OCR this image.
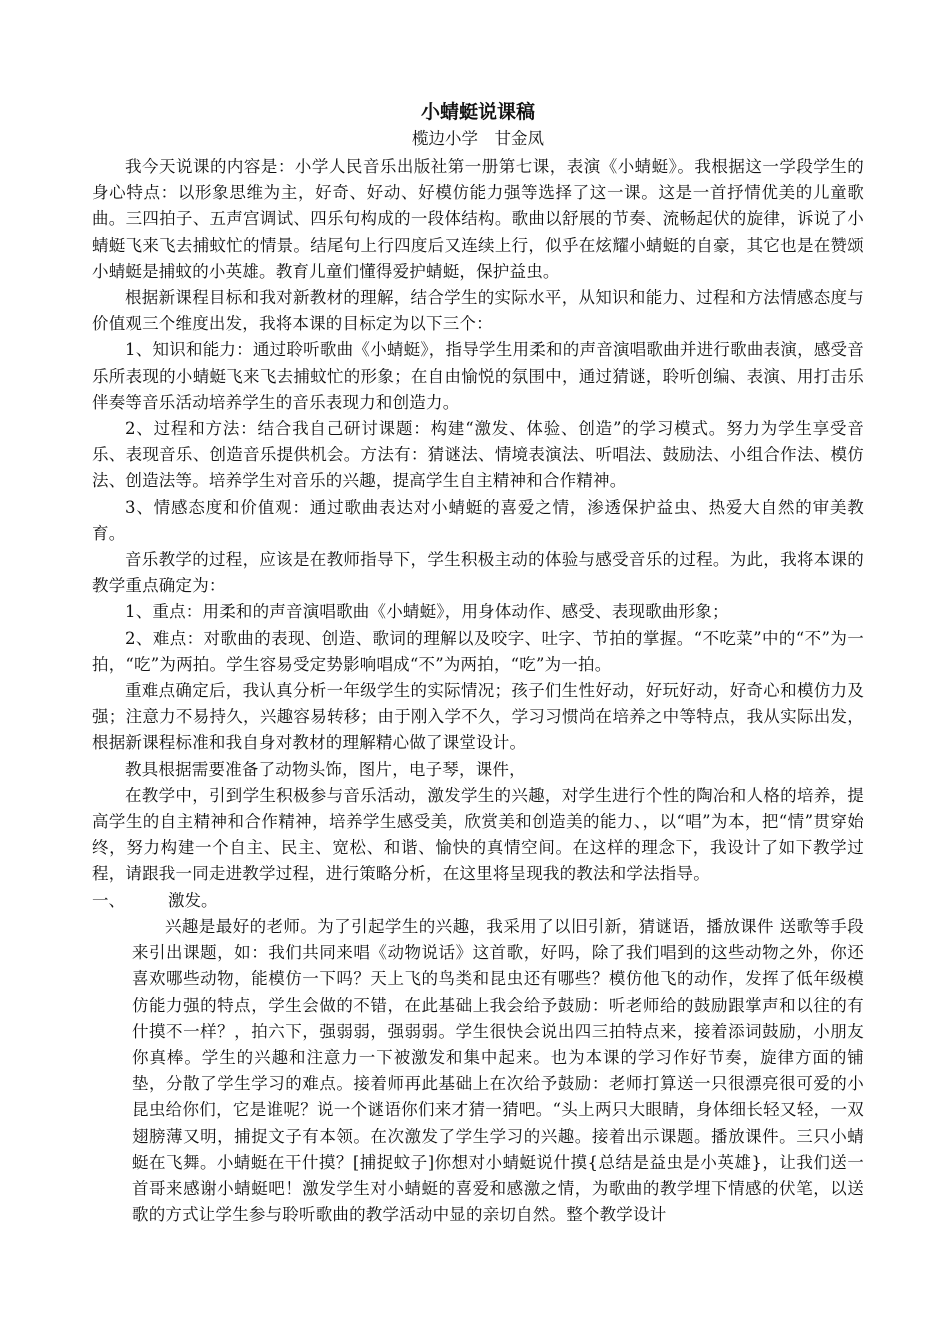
小蜻蜓说课稿

榄边小学　甘金凤

我今天说课的内容是：小学人民音乐出版社第一册第七课，表演《小蜻蜓》。我根据这一学段学生的身心特点：以形象思维为主，好奇、好动、好模仿能力强等选择了这一课。这是一首抒情优美的儿童歌曲。三四拍子、五声宫调试、四乐句构成的一段体结构。歌曲以舒展的节奏、流畅起伏的旋律，诉说了小蜻蜓飞来飞去捕蚊忙的情景。结尾句上行四度后又连续上行，似乎在炫耀小蜻蜓的自豪，其它也是在赞颂小蜻蜓是捕蚊的小英雄。教育儿童们懂得爱护蜻蜓，保护益虫。

根据新课程目标和我对新教材的理解，结合学生的实际水平，从知识和能力、过程和方法情感态度与价值观三个维度出发，我将本课的目标定为以下三个：

1、知识和能力：通过聆听歌曲《小蜻蜓》，指导学生用柔和的声音演唱歌曲并进行歌曲表演，感受音乐所表现的小蜻蜓飞来飞去捕蚊忙的形象；在自由愉悦的氛围中，通过猜谜，聆听创编、表演、用打击乐伴奏等音乐活动培养学生的音乐表现力和创造力。

2、过程和方法：结合我自己研讨课题：构建“激发、体验、创造”的学习模式。努力为学生享受音乐、表现音乐、创造音乐提供机会。方法有：猜谜法、情境表演法、听唱法、鼓励法、小组合作法、模仿法、创造法等。培养学生对音乐的兴趣，提高学生自主精神和合作精神。

3、情感态度和价值观：通过歌曲表达对小蜻蜓的喜爱之情，渗透保护益虫、热爱大自然的审美教育。

音乐教学的过程，应该是在教师指导下，学生积极主动的体验与感受音乐的过程。为此，我将本课的教学重点确定为：

1、重点：用柔和的声音演唱歌曲《小蜻蜓》，用身体动作、感受、表现歌曲形象；

2、难点：对歌曲的表现、创造、歌词的理解以及咬字、吐字、节拍的掌握。“不吃菜”中的“不”为一拍，“吃”为两拍。学生容易受定势影响唱成“不”为两拍，“吃”为一拍。

重难点确定后，我认真分析一年级学生的实际情况；孩子们生性好动，好玩好动，好奇心和模仿力及强；注意力不易持久，兴趣容易转移；由于刚入学不久，学习习惯尚在培养之中等特点，我从实际出发，根据新课程标准和我自身对教材的理解精心做了课堂设计。

教具根据需要准备了动物头饰，图片，电子琴，课件，

在教学中，引到学生积极参与音乐活动，激发学生的兴趣，对学生进行个性的陶冶和人格的培养，提高学生的自主精神和合作精神，培养学生感受美，欣赏美和创造美的能力、，以“唱”为本，把“情”贯穿始终，努力构建一个自主、民主、宽松、和谐、愉快的真情空间。在这样的理念下，我设计了如下教学过程，请跟我一同走进教学过程，进行策略分析，在这里将呈现我的教法和学法指导。

一、	激发。

兴趣是最好的老师。为了引起学生的兴趣，我采用了以旧引新，猜谜语，播放课件 送歌等手段来引出课题，如：我们共同来唱《动物说话》这首歌，好吗，除了我们唱到的这些动物之外，你还喜欢哪些动物，能模仿一下吗？天上飞的鸟类和昆虫还有哪些？模仿他飞的动作，发挥了低年级模仿能力强的特点，学生会做的不错，在此基础上我会给予鼓励：听老师给的鼓励跟掌声和以往的有什摸不一样？，拍六下，强弱弱，强弱弱。学生很快会说出四三拍特点来，接着添词鼓励，小朋友你真棒。学生的兴趣和注意力一下被激发和集中起来。也为本课的学习作好节奏，旋律方面的铺垫，分散了学生学习的难点。接着师再此基础上在次给予鼓励：老师打算送一只很漂亮很可爱的小昆虫给你们，它是谁呢？说一个谜语你们来才猜一猜吧。“头上两只大眼睛，身体细长轻又轻，一双翅膀薄又明，捕捉文子有本领。在次激发了学生学习的兴趣。接着出示课题。播放课件。三只小蜻蜓在飞舞。小蜻蜓在干什摸？[捕捉蚊子]你想对小蜻蜓说什摸{总结是益虫是小英雄}，让我们送一首哥来感谢小蜻蜓吧！激发学生对小蜻蜓的喜爱和感激之情，为歌曲的教学埋下情感的伏笔，以送歌的方式让学生参与聆听歌曲的教学活动中显的亲切自然。整个教学设计
